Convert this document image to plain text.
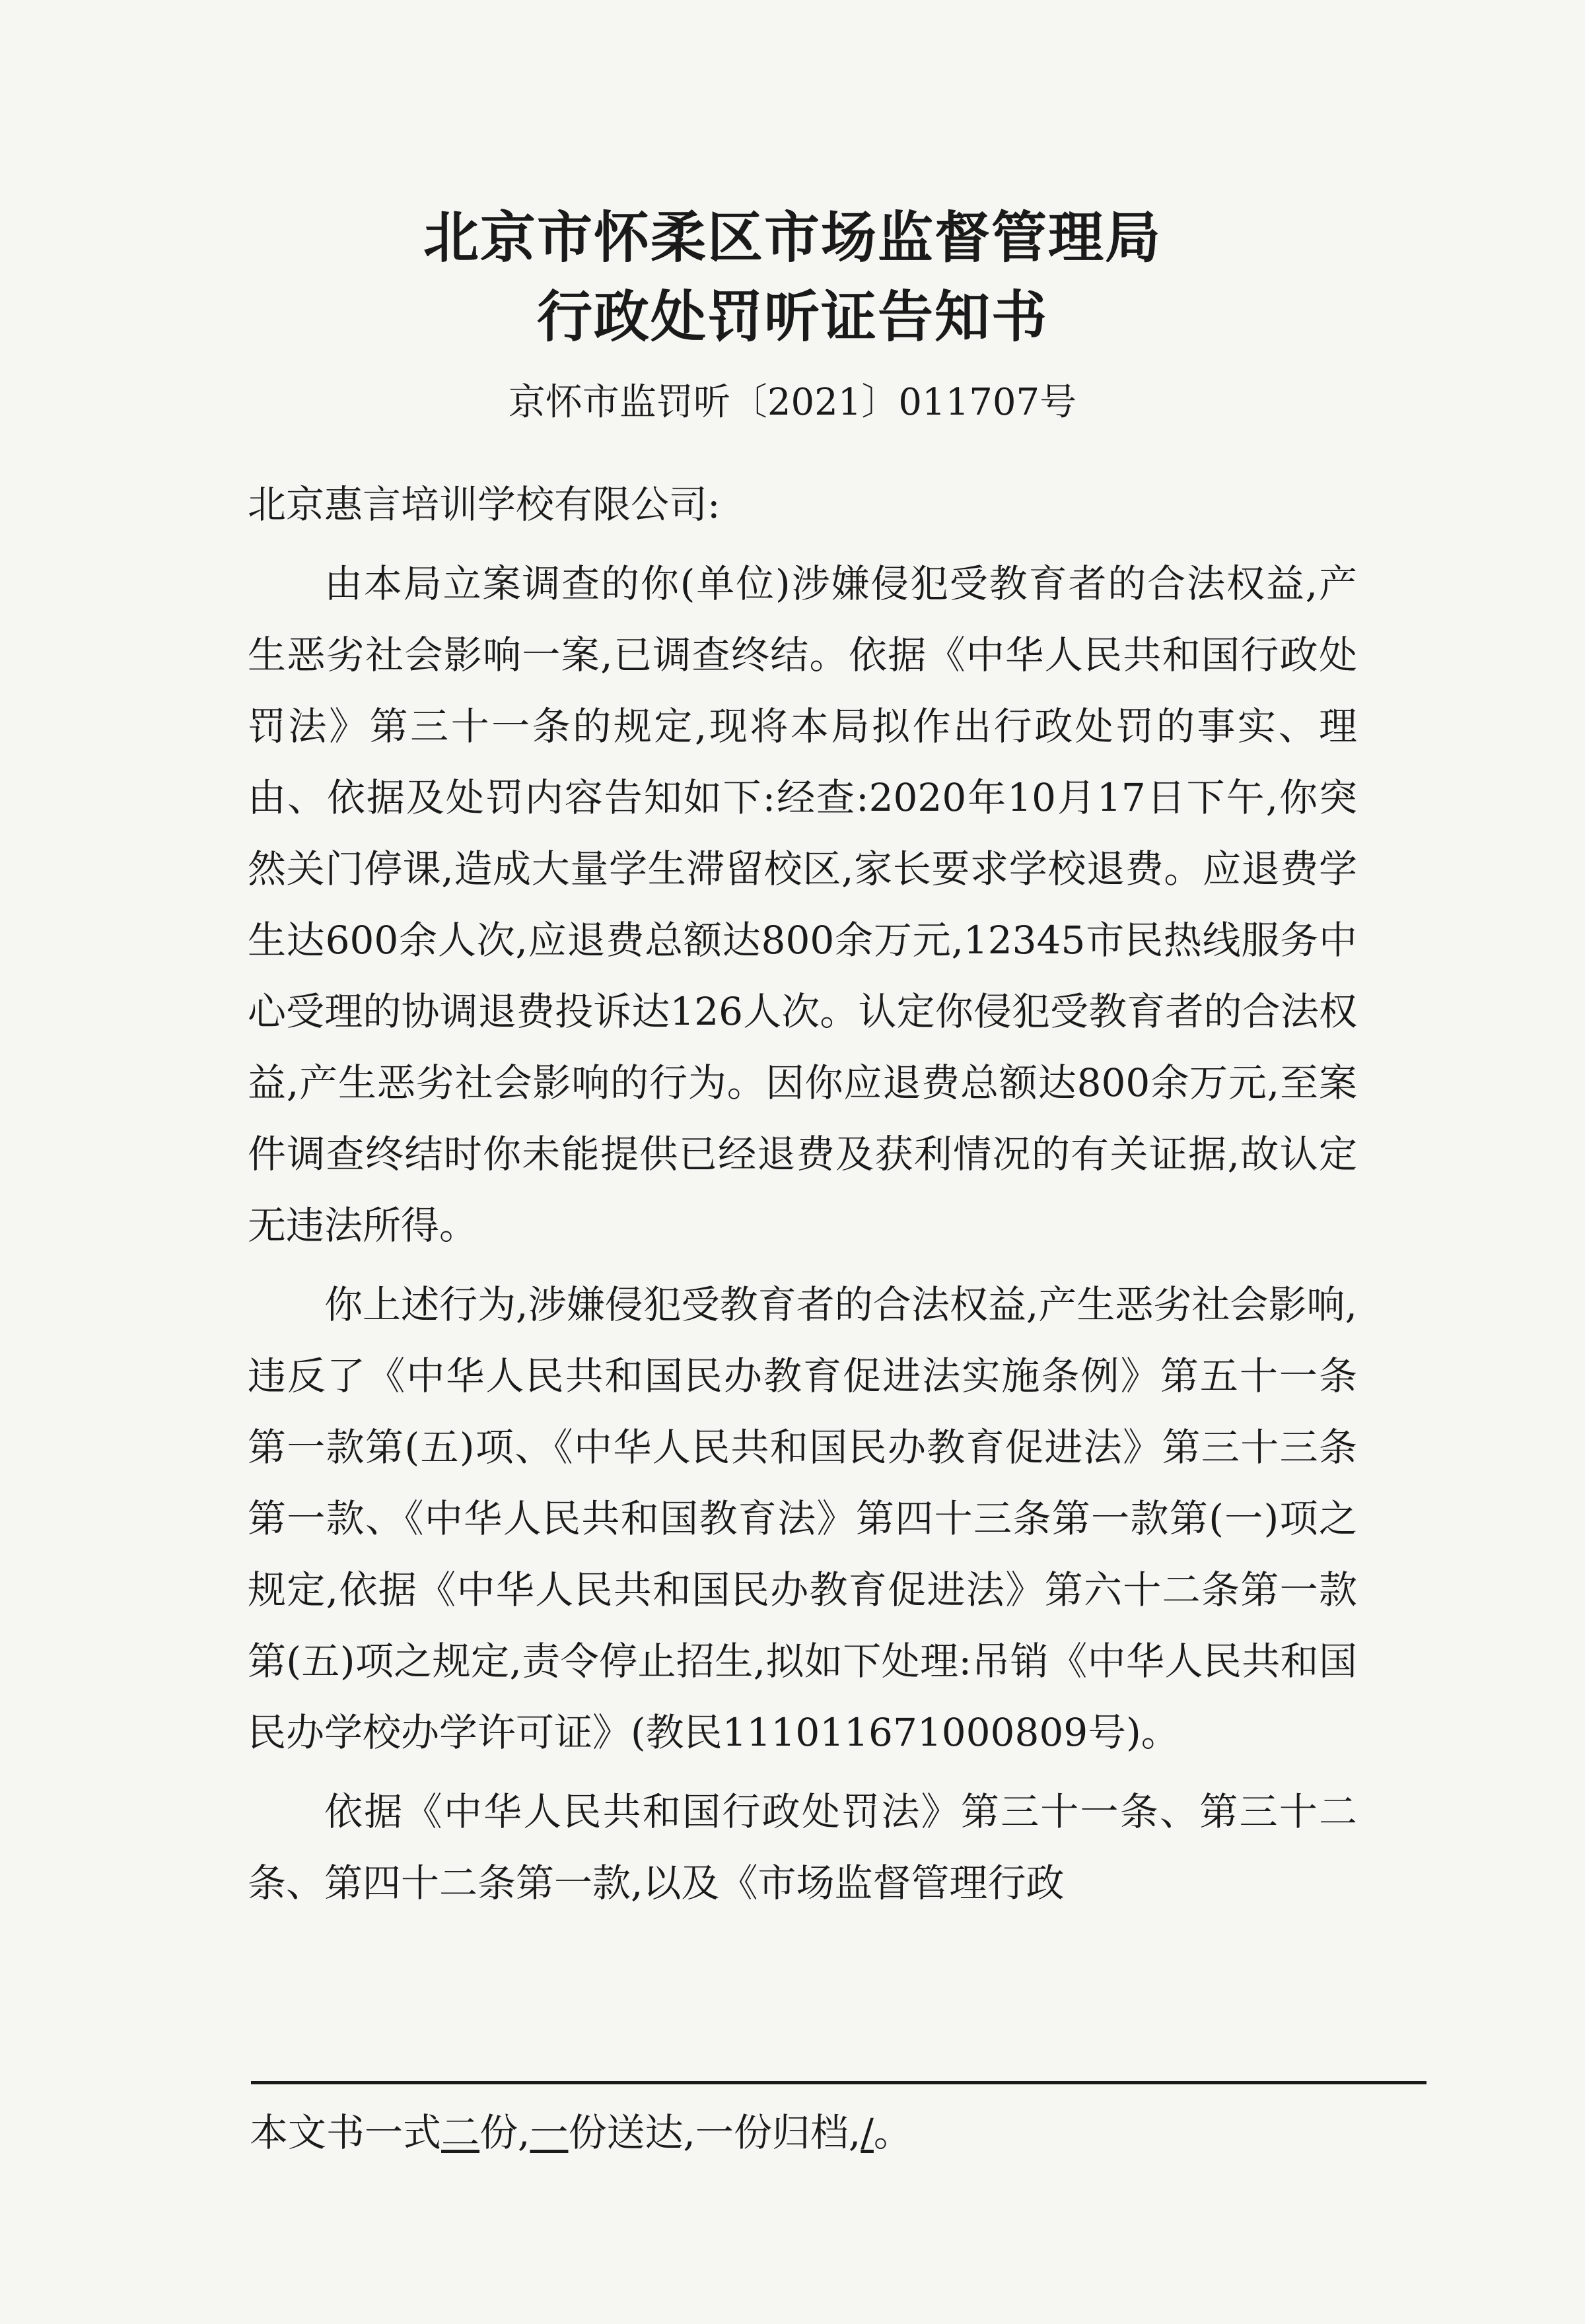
北京市怀柔区市场监督管理局
行政处罚听证告知书
京怀市监罚听〔2021〕011707号

北京惠言培训学校有限公司:

由本局立案调查的你(单位)涉嫌侵犯受教育者的合法权益,产生恶劣社会影响一案,已调查终结。依据《中华人民共和国行政处罚法》第三十一条的规定,现将本局拟作出行政处罚的事实、理由、依据及处罚内容告知如下:经查:2020年10月17日下午,你突然关门停课,造成大量学生滞留校区,家长要求学校退费。应退费学生达600余人次,应退费总额达800余万元,12345市民热线服务中心受理的协调退费投诉达126人次。认定你侵犯受教育者的合法权益,产生恶劣社会影响的行为。因你应退费总额达800余万元,至案件调查终结时你未能提供已经退费及获利情况的有关证据,故认定无违法所得。

你上述行为,涉嫌侵犯受教育者的合法权益,产生恶劣社会影响,违反了《中华人民共和国民办教育促进法实施条例》第五十一条第一款第(五)项、《中华人民共和国民办教育促进法》第三十三条第一款、《中华人民共和国教育法》第四十三条第一款第(一)项之规定,依据《中华人民共和国民办教育促进法》第六十二条第一款第(五)项之规定,责令停止招生,拟如下处理:吊销《中华人民共和国民办学校办学许可证》(教民111011671000809号)。

依据《中华人民共和国行政处罚法》第三十一条、第三十二条、第四十二条第一款,以及《市场监督管理行政

本文书一式二份,一份送达,一份归档,/。
